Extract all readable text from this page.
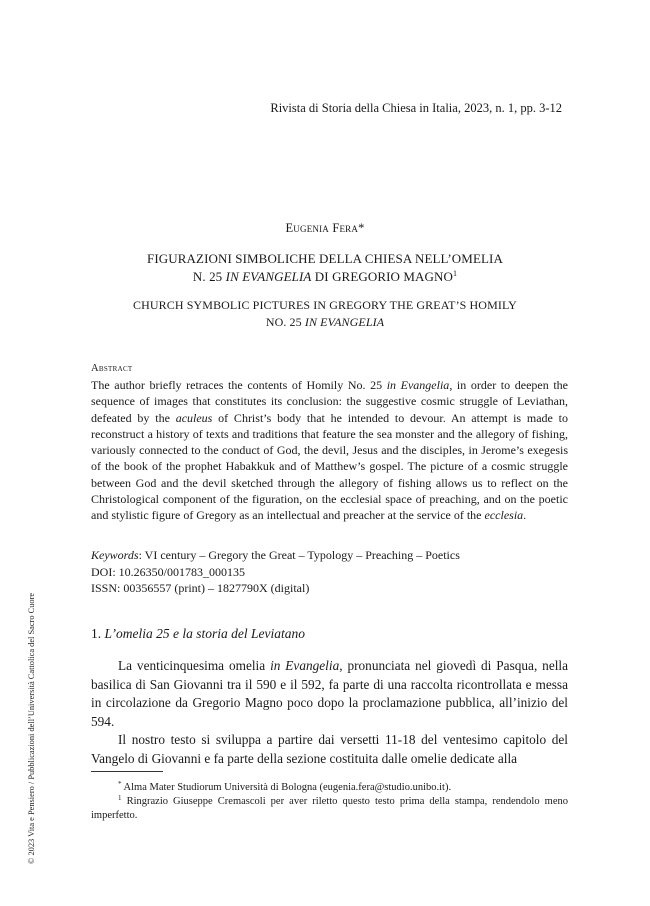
Rivista di Storia della Chiesa in Italia, 2023, n. 1, pp. 3-12
© 2023 Vita e Pensiero / Pubblicazioni dell’Università Cattolica del Sacro Cuore
Eugenia Fera*
FIGURAZIONI SIMBOLICHE DELLA CHIESA NELL’OMELIA
N. 25 IN EVANGELIA DI GREGORIO MAGNO$^1$
CHURCH SYMBOLIC PICTURES IN GREGORY THE GREAT’S HOMILY
NO. 25 IN EVANGELIA
Abstract

The author briefly retraces the contents of Homily No. 25 in Evangelia, in order to deepen the sequence of images that constitutes its conclusion: the suggestive cosmic struggle of Leviathan, defeated by the aculeus of Christ’s body that he intended to devour. An attempt is made to reconstruct a history of texts and traditions that feature the sea monster and the allegory of fishing, variously connected to the conduct of God, the devil, Jesus and the disciples, in Jerome’s exegesis of the book of the prophet Habakkuk and of Matthew’s gospel. The picture of a cosmic struggle between God and the devil sketched through the allegory of fishing allows us to reflect on the Christological component of the figuration, on the ecclesial space of preaching, and on the poetic and stylistic figure of Gregory as an intellectual and preacher at the service of the ecclesia.

Keywords: VI century – Gregory the Great – Typology – Preaching – Poetics
DOI: 10.26350/001783_000135
ISSN: 00356557 (print) – 1827790X (digital)
1. L’omelia 25 e la storia del Leviatano

La venticinquesima omelia in Evangelia, pronunciata nel giovedì di Pasqua, nella basilica di San Giovanni tra il 590 e il 592, fa parte di una raccolta ricontrollata e messa in circolazione da Gregorio Magno poco dopo la proclamazione pubblica, all’inizio del 594.

Il nostro testo si sviluppa a partire dai versetti 11-18 del ventesimo capitolo del Vangelo di Giovanni e fa parte della sezione costituita dalle omelie dedicate alla

* Alma Mater Studiorum Università di Bologna (eugenia.fera@studio.unibo.it).

$^1$ Ringrazio Giuseppe Cremascoli per aver riletto questo testo prima della stampa, rendendolo meno imperfetto.
